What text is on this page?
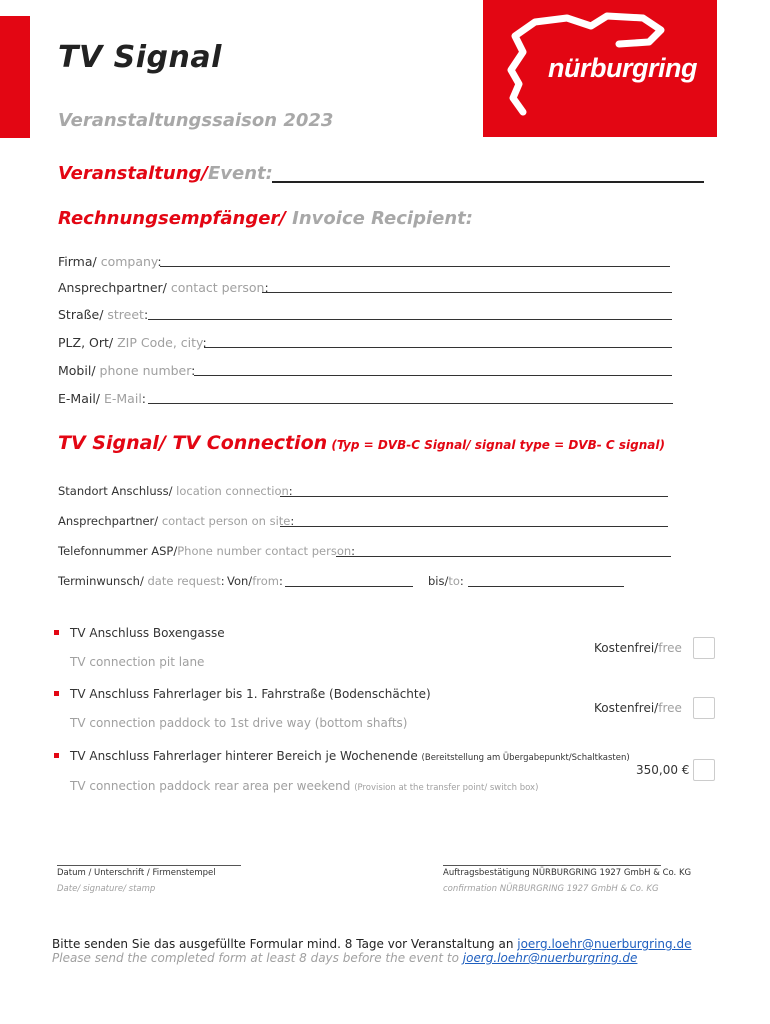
nürburgring
TV Signal
Veranstaltungssaison 2023
Veranstaltung/Event:
Rechnungsempfänger/ Invoice Recipient:
Firma/ company:
Ansprechpartner/ contact person:
Straße/ street:
PLZ, Ort/ ZIP Code, city:
Mobil/ phone number:
E-Mail/ E-Mail:
TV Signal/ TV Connection (Typ = DVB-C Signal/ signal type = DVB- C signal)
Standort Anschluss/ location connection:
Ansprechpartner/ contact person on site:
Telefonnummer ASP/Phone number contact person:
Terminwunsch/ date request: Von/from:	bis/to:
TV Anschluss Boxengasse
TV connection pit lane
Kostenfrei/free
TV Anschluss Fahrerlager bis 1. Fahrstraße (Bodenschächte)
TV connection paddock to 1st drive way (bottom shafts)
Kostenfrei/free
TV Anschluss Fahrerlager hinterer Bereich je Wochenende (Bereitstellung am Übergabepunkt/Schaltkasten)
TV connection paddock rear area per weekend (Provision at the transfer point/ switch box)
350,00 €
Datum / Unterschrift / Firmenstempel
Date/ signature/ stamp
Auftragsbestätigung NÜRBURGRING 1927 GmbH & Co. KG
confirmation NÜRBURGRING 1927 GmbH & Co. KG
Bitte senden Sie das ausgefüllte Formular mind. 8 Tage vor Veranstaltung an joerg.loehr@nuerburgring.de
Please send the completed form at least 8 days before the event to joerg.loehr@nuerburgring.de
